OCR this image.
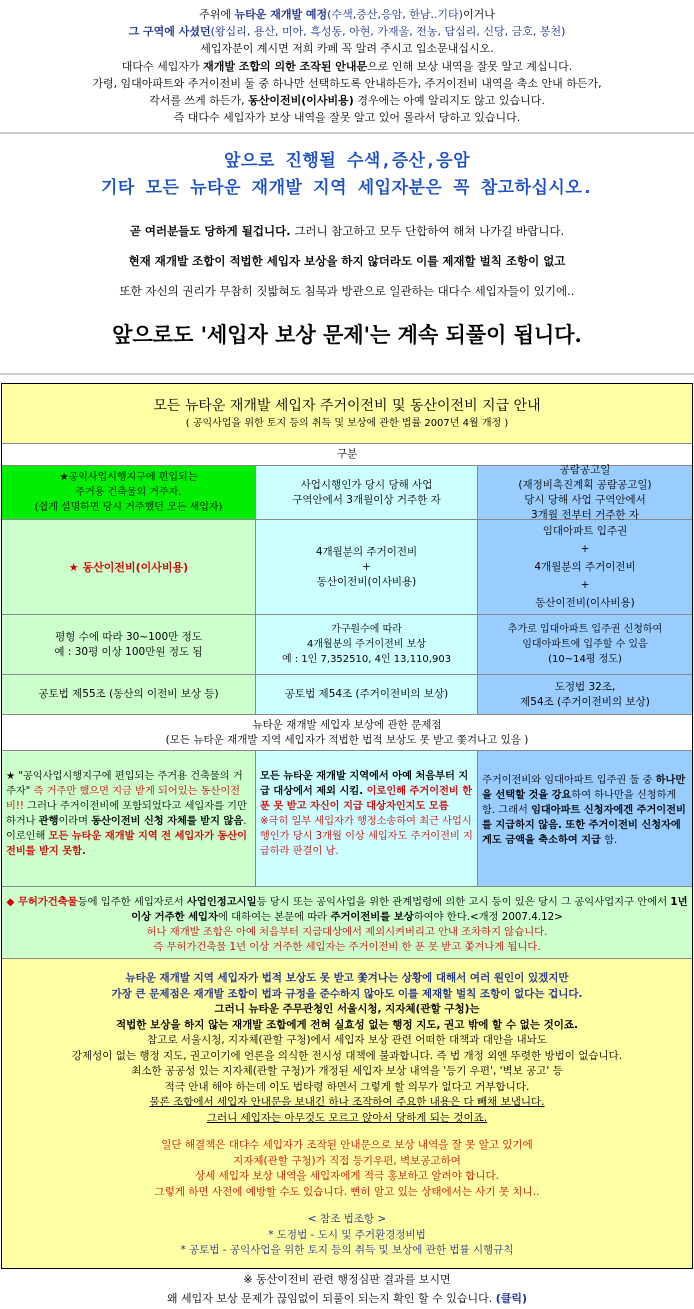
주위에 뉴타운 재개발 예정(수색,증산,응암, 한남..기타)이거나

그 구역에 사셨던(왕십리, 용산, 미아, 흑성동, 아현, 가재울, 전농, 답십리, 신당, 금호, 봉천)

세입자분이 계시면 저희 카페 꼭 알려 주시고 입소문내십시오.

대다수 세입자가 재개발 조합의 의한 조작된 안내문으로 인해 보상 내역을 잘못 알고 계십니다.

가령, 임대아파트와 주거이전비 둘 중 하나만 선택하도록 안내하든가, 주거이전비 내역을 축소 안내 하든가,

각서를 쓰게 하든가, 동산이전비(이사비용) 경우에는 아예 알리지도 않고 있습니다.

즉 대다수 세입자가 보상 내역을 잘못 알고 있어 몰라서 당하고 있습니다.

앞으로 진행될 수색,증산,응암
기타 모든 뉴타운 재개발 지역 세입자분은 꼭 참고하십시오.
곧 여러분들도 당하게 될겁니다. 그러니 참고하고 모두 단합하여 해쳐 나가길 바랍니다.
현재 재개발 조합이 적법한 세입자 보상을 하지 않더라도 이를 제재할 벌칙 조항이 없고
또한 자신의 권리가 무참히 짓밟혀도 침묵과 방관으로 일관하는 대다수 세입자들이 있기에..
앞으로도 '세입자 보상 문제'는 계속 되풀이 됩니다.
모든 뉴타운 재개발 세입자 주거이전비 및 동산이전비 지급 안내
( 공익사업을 위한 토지 등의 취득 및 보상에 관한 법률 2007년 4월 개정 )
구분
★공익사업시행지구에 편입되는
주거용 건축물의 거주자.
(쉽게 설명하면 당시 거주했던 모든 세입자)
사업시행인가 당시 당해 사업
구역안에서 3개월이상 거주한 자
공람공고일
(재정비촉진계획 공람공고일)
당시 당해 사업 구역안에서
3개월 전부터 거주한 자
★ 동산이전비(이사비용)
4개월분의 주거이전비
+
동산이전비(이사비용)
임대아파트 입주권
+
4개월분의 주거이전비
+
동산이전비(이사비용)
평형 수에 따라 30~100만 정도
예 : 30평 이상 100만원 정도 됨
가구원수에 따라
4개월분의 주거이전비 보상
예 : 1인 7,352510, 4인 13,110,903
추가로 입대아파트 입주권 신청하여
임대아파트에 입주할 수 있음
(10~14평 정도)
공토법 제55조 (동산의 이전비 보상 등)	공토법 제54조 (주거이전비의 보상)
도정법 32조,
제54조 (주거이전비의 보상)
뉴타운 재개발 세입자 보상에 관한 문제점
(모든 뉴타운 재개발 지역 세입자가 적법한 법적 보상도 못 받고 쫓겨나고 있음 )
★ "공익사업시행지구에 편입되는 주거용 건축물의 거주자" 즉 거주만 했으면 지금 받게 되어있는 동산이전비!! 그러나 주거이전비에 포함되었다고 세입자를 기만하거나 관행이라며 동산이전비 신청 자체를 받지 않음. 이로인해 모든 뉴타운 재개발 지역 전 세입자가 동산이전비를 받지 못함.
모든 뉴타운 재개발 지역에서 아예 처음부터 지급 대상에서 제외 시킴. 이로인해 주거이전비 한푼 못 받고 자신이 지급 대상자인지도 모름
※극히 일부 세입자가 행정소송하여 최근 사업시행인가 당시 3개월 이상 세입자도 주거이전비 지급하라 판결이 남.
주거이전비와 임대아파트 입주권 둘 중 하나만을 선택할 것을 강요하여 하나만을 신청하게 함. 그래서 임대아파트 신청자에겐 주거이전비를 지급하지 않음. 또한 주거이전비 신청자에게도 금액을 축소하여 지급 함.
◆ 무허가건축물등에 입주한 세입자로서 사업인정고시일등 당시 또는 공익사업을 위한 관계법령에 의한 고시 등이 있은 당시 그 공익사업지구 안에서 1년 이상 거주한 세입자에 대하여는 본문에 따라 주거이전비를 보상하여야 한다.<개정 2007.4.12>
허나 재개발 조합은 아예 처음부터 지급대상에서 제외시켜버리고 안내 조차하지 않습니다.
즉 무허가건축물 1년 이상 거주한 세입자는 주거이전비 한 푼 못 받고 쫓겨나게 됩니다.
뉴타운 재개발 지역 세입자가 법적 보상도 못 받고 쫓겨나는 상황에 대해서 여러 원인이 있겠지만
가장 큰 문제점은 재개발 조합이 법과 규정을 준수하지 않아도 이를 제재할 벌칙 조항이 없다는 겁니다.
그러니 뉴타운 주무관청인 서울시청, 지자체(관할 구청)는
적법한 보상을 하지 않는 재개발 조합에게 전혀 실효성 없는 행정 지도, 권고 밖에 할 수 없는 것이죠.
참고로 서울시청, 지자체(관할 구청)에서 세입자 보상 관련 어떠한 대책과 대안을 내놔도
강제성이 없는 행정 지도, 권고이기에 언론을 의식한 전시성 대책에 불과합니다. 즉 법 개정 외엔 뚜렷한 방법이 없습니다.
최소한 공공성 있는 지자체(관할 구청)가 개정된 세입자 보상 내역을 '등기 우편', '벽보 공고' 등
적극 안내 해야 하는데 이도 법타령 하면서 그렇게 할 의무가 없다고 거부합니다.
물론 조합에서 세입자 안내문을 보내긴 하나 조작하여 주요한 내용은 다 빼채 보냅니다.
그러니 세입자는 아무것도 모르고 앉아서 당하게 되는 것이죠.
일단 해결책은 대다수 세입자가 조작된 안내문으로 보상 내역을 잘 못 알고 있기에
지자체(관할 구청)가 직접 등기우편, 벽보공고하여
상세 세입자 보상 내역을 세입자에게 적극 홍보하고 알려야 합니다.
그렇게 하면 사전에 예방할 수도 있습니다. 뻔히 알고 있는 상태에서는 사기 못 치니..
< 참조 법조항 >
* 도정법 - 도시 및 주거환경정비법
* 공토법 - 공익사업을 위한 토지 등의 취득 및 보상에 관한 법률 시행규칙
※ 동산이전비 관련 행정심판 결과를 보시면
왜 세입자 보상 문제가 끊임없이 되풀이 되는지 확인 할 수 있습니다. (클릭)
